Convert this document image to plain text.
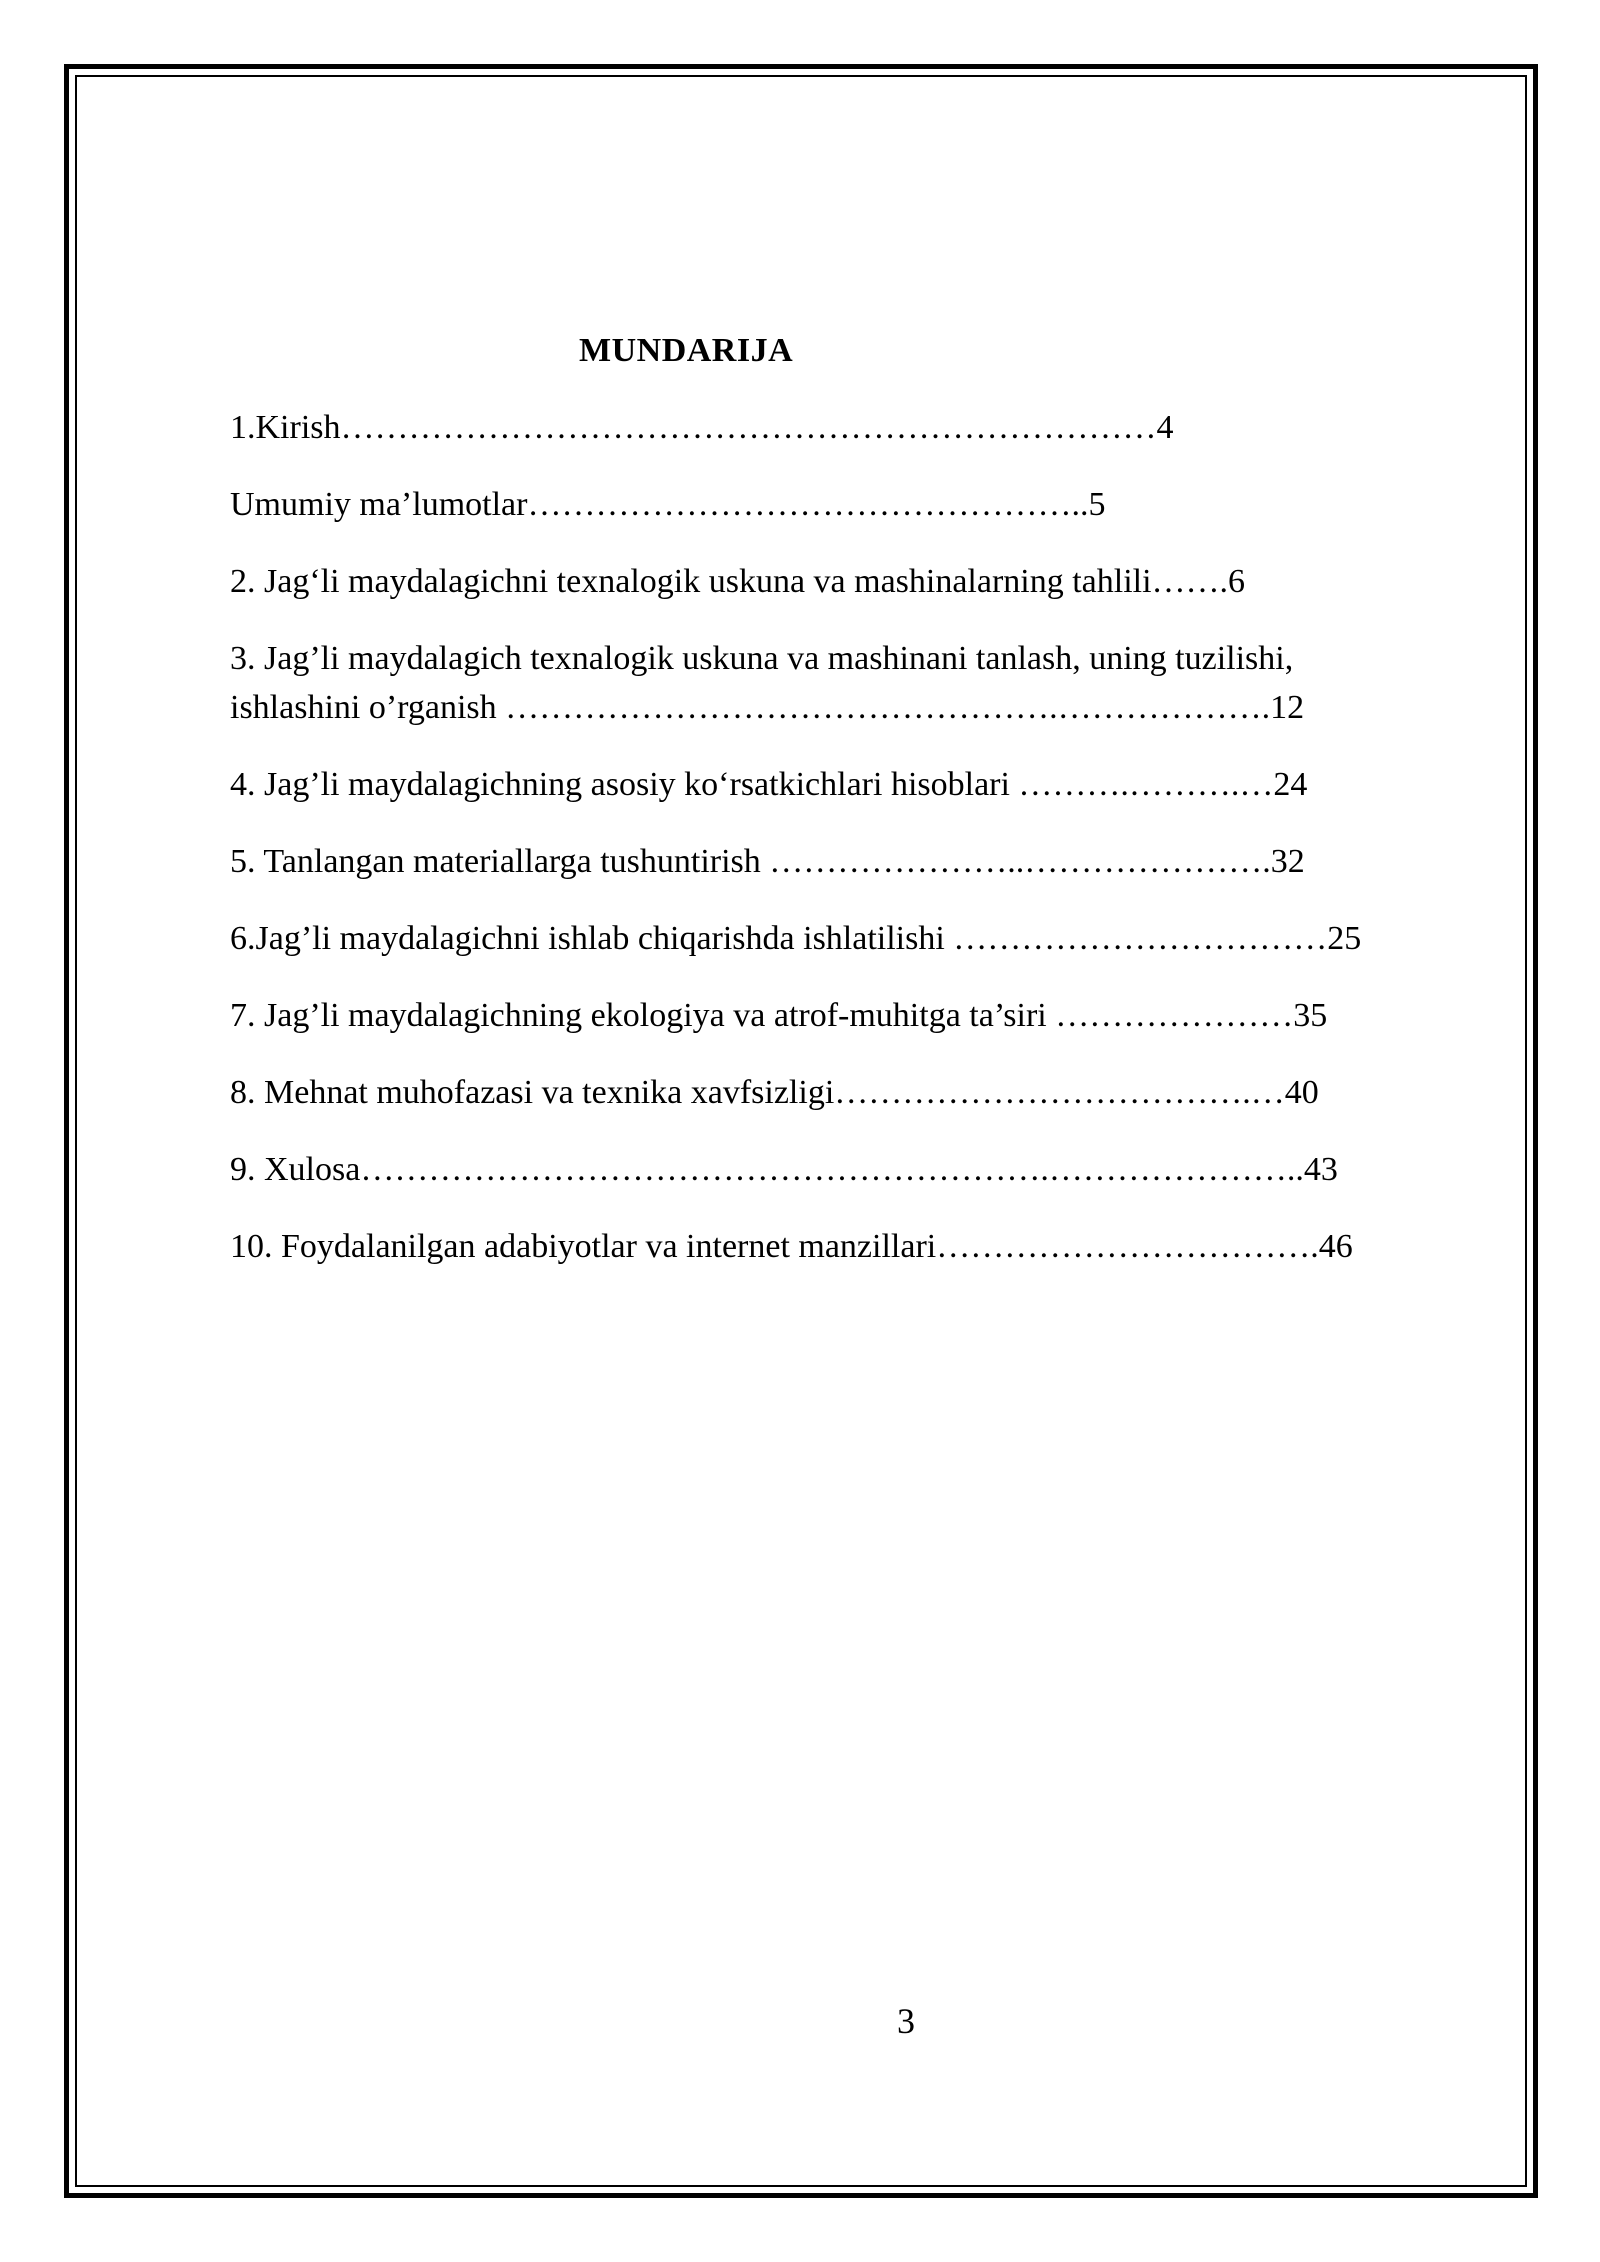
MUNDARIJA
1.Kirish………………………………………………………………4
Umumiy ma’lumotlar…………………………………………..5
2. Jag‘li maydalagichni texnalogik uskuna va mashinalarning tahlili…….6
3. Jag’li maydalagich texnalogik uskuna va mashinani tanlash, uning tuzilishi,
ishlashini o’rganish ………………………………………….……………….12
4. Jag’li maydalagichning asosiy ko‘rsatkichlari hisoblari ……….……….…24
5. Tanlangan materiallarga tushuntirish …………………..………………….32
6.Jag’li maydalagichni ishlab chiqarishda ishlatilishi ……………………………25
7. Jag’li maydalagichning ekologiya va atrof-muhitga ta’siri …………………35
8. Mehnat muhofazasi va texnika xavfsizligi……………………………….…40
9. Xulosa…………………………………………………….…………………..43
10. Foydalanilgan adabiyotlar va internet manzillari…………………………….46
3
